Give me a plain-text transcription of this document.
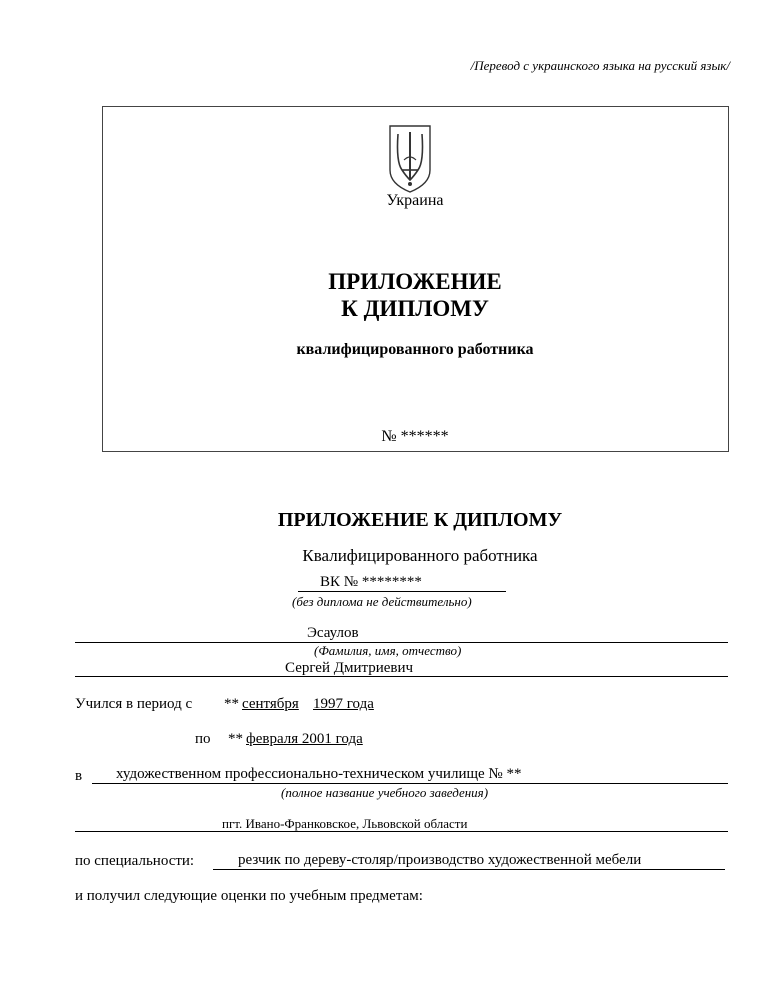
/Перевод с украинского языка на русский язык/
Украина
ПРИЛОЖЕНИЕ
К ДИПЛОМУ
квалифицированного работника
№ ******
ПРИЛОЖЕНИЕ К ДИПЛОМУ
Квалифицированного работника
ВК № ********
(без диплома не действительно)
Эсаулов
(Фамилия, имя, отчество)
Сергей Дмитриевич
Учился в период с ** сентября 1997 года
по ** февраля 2001 года
в художественном профессионально-техническом училище № **
(полное название учебного заведения)
пгт. Ивано-Франковское, Львовской области
по специальности:	резчик по дереву-столяр/производство художественной мебели
и получил следующие оценки по учебным предметам:
